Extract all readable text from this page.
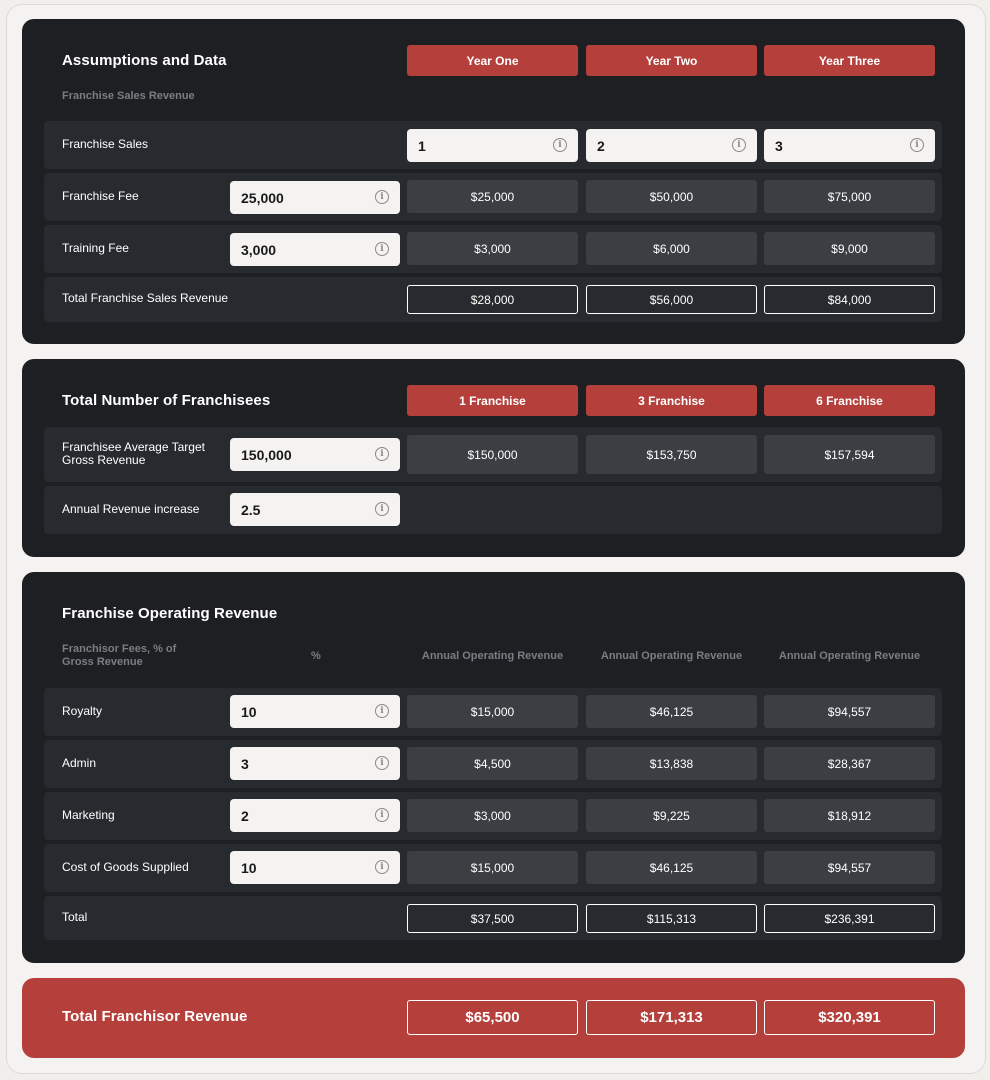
Assumptions and Data
Franchise Sales Revenue
Year One	Year Two	Year Three
Franchise Sales	1	i	2	i	3	i
Franchise Fee	25,000	i	$25,000	$50,000	$75,000
Training Fee	3,000	i	$3,000	$6,000	$9,000
Total Franchise Sales Revenue	$28,000	$56,000	$84,000
Total Number of Franchisees	1 Franchise	3 Franchise	6 Franchise
Franchisee Average Target Gross Revenue	150,000	i	$150,000	$153,750	$157,594
Annual Revenue increase	2.5	i
Franchise Operating Revenue
Franchisor Fees, % of Gross Revenue	%	Annual Operating Revenue	Annual Operating Revenue	Annual Operating Revenue
Royalty	10	i	$15,000	$46,125	$94,557
Admin	3	i	$4,500	$13,838	$28,367
Marketing	2	i	$3,000	$9,225	$18,912
Cost of Goods Supplied	10	i	$15,000	$46,125	$94,557
Total	$37,500	$115,313	$236,391
Total Franchisor Revenue	$65,500	$171,313	$320,391
